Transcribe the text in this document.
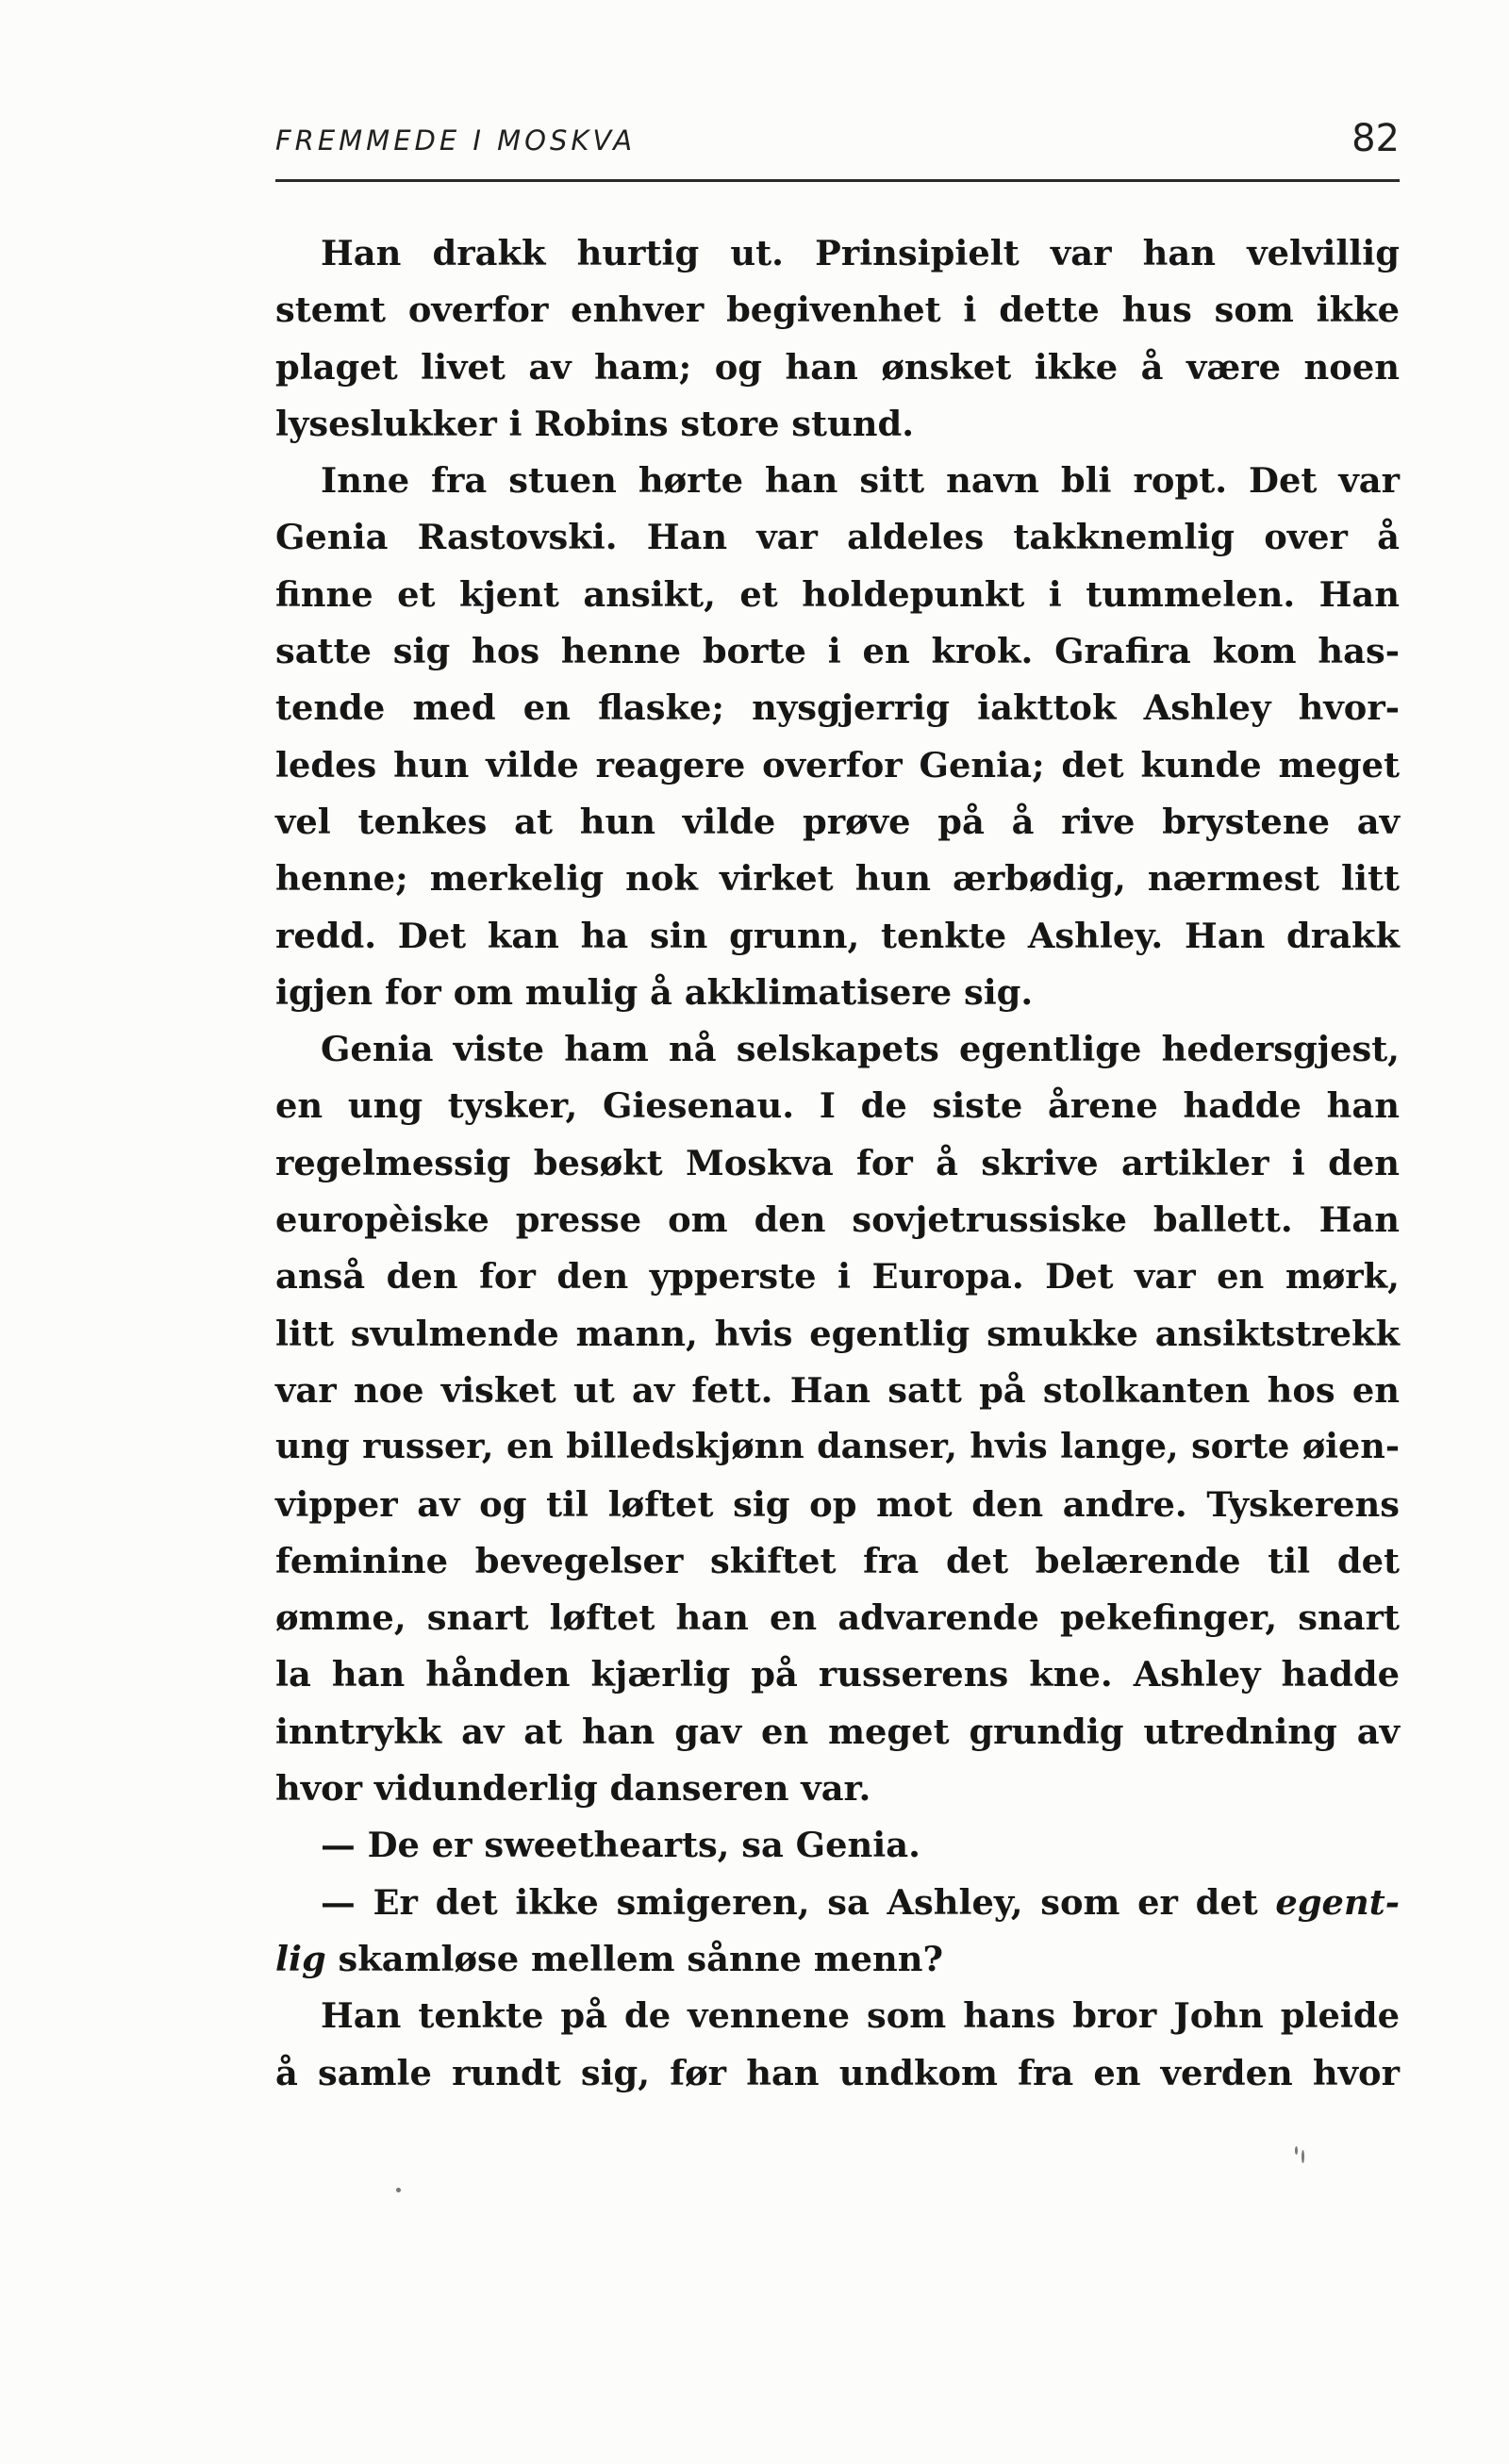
FREMMEDE I MOSKVA	82
Han drakk hurtig ut. Prinsipielt var han velvillig
stemt overfor enhver begivenhet i dette hus som ikke
plaget livet av ham; og han ønsket ikke å være noen
lyseslukker i Robins store stund.
Inne fra stuen hørte han sitt navn bli ropt. Det var
Genia Rastovski. Han var aldeles takknemlig over å
finne et kjent ansikt, et holdepunkt i tummelen. Han
satte sig hos henne borte i en krok. Grafira kom has-
tende med en flaske; nysgjerrig iakttok Ashley hvor-
ledes hun vilde reagere overfor Genia; det kunde meget
vel tenkes at hun vilde prøve på å rive brystene av
henne; merkelig nok virket hun ærbødig, nærmest litt
redd. Det kan ha sin grunn, tenkte Ashley. Han drakk
igjen for om mulig å akklimatisere sig.
Genia viste ham nå selskapets egentlige hedersgjest,
en ung tysker, Giesenau. I de siste årene hadde han
regelmessig besøkt Moskva for å skrive artikler i den
europèiske presse om den sovjetrussiske ballett. Han
anså den for den ypperste i Europa. Det var en mørk,
litt svulmende mann, hvis egentlig smukke ansiktstrekk
var noe visket ut av fett. Han satt på stolkanten hos en
ung russer, en billedskjønn danser, hvis lange, sorte øien-
vipper av og til løftet sig op mot den andre. Tyskerens
feminine bevegelser skiftet fra det belærende til det
ømme, snart løftet han en advarende pekefinger, snart
la han hånden kjærlig på russerens kne. Ashley hadde
inntrykk av at han gav en meget grundig utredning av
hvor vidunderlig danseren var.
— De er sweethearts, sa Genia.
— Er det ikke smigeren, sa Ashley, som er det egent-
lig skamløse mellem sånne menn?
Han tenkte på de vennene som hans bror John pleide
å samle rundt sig, før han undkom fra en verden hvor
